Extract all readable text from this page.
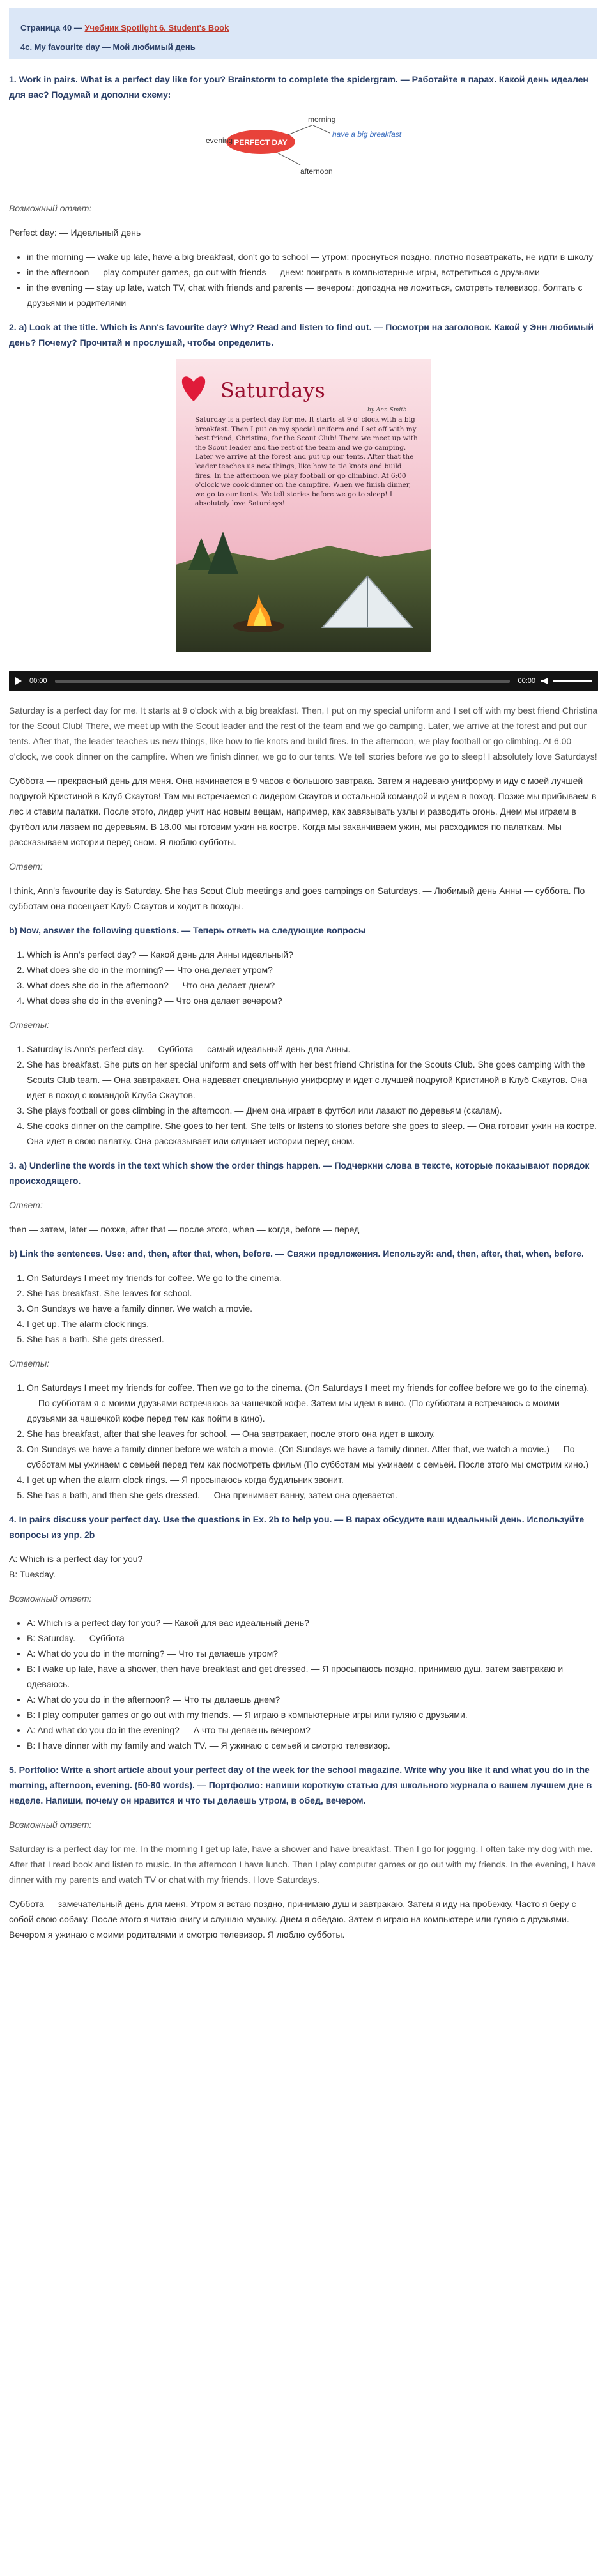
Страница 40 — Учебник Spotlight 6. Student's Book
4c. My favourite day — Мой любимый день

1. Work in pairs. What is a perfect day like for you? Brainstorm to complete the spidergram. — Работайте в парах. Какой день идеален для вас? Подумай и дополни схему:

PERFECT DAY
evening
morning
afternoon
have a big breakfast

Возможный ответ:

Perfect day: — Идеальный день

• in the morning — wake up late, have a big breakfast, don't go to school — утром: проснуться поздно, плотно позавтракать, не идти в школу
• in the afternoon — play computer games, go out with friends — днем: поиграть в компьютерные игры, встретиться с друзьями
• in the evening — stay up late, watch TV, chat with friends and parents — вечером: допоздна не ложиться, смотреть телевизор, болтать с друзьями и родителями

2. a) Look at the title. Which is Ann's favourite day? Why? Read and listen to find out. — Посмотри на заголовок. Какой у Энн любимый день? Почему? Прочитай и прослушай, чтобы определить.

Saturdays
by Ann Smith
Saturday is a perfect day for me. It starts at 9 o' clock with a big breakfast. Then I put on my special uniform and I set off with my best friend, Christina, for the Scout Club! There we meet up with the Scout leader and the rest of the team and we go camping. Later we arrive at the forest and put up our tents. After that the leader teaches us new things, like how to tie knots and build fires. In the afternoon we play football or go climbing. At 6:00 o'clock we cook dinner on the campfire. When we finish dinner, we go to our tents. We tell stories before we go to sleep! I absolutely love Saturdays!
00:00	00:00

Saturday is a perfect day for me. It starts at 9 o'clock with a big breakfast. Then, I put on my special uniform and I set off with my best friend Christina for the Scout Club! There, we meet up with the Scout leader and the rest of the team and we go camping. Later, we arrive at the forest and put our tents. After that, the leader teaches us new things, like how to tie knots and build fires. In the afternoon, we play football or go climbing. At 6.00 o'clock, we cook dinner on the campfire. When we finish dinner, we go to our tents. We tell stories before we go to sleep! I absolutely love Saturdays!

Суббота — прекрасный день для меня. Она начинается в 9 часов с большого завтрака. Затем я надеваю униформу и иду с моей лучшей подругой Кристиной в Клуб Скаутов! Там мы встречаемся с лидером Скаутов и остальной командой и идем в поход. Позже мы прибываем в лес и ставим палатки. После этого, лидер учит нас новым вещам, например, как завязывать узлы и разводить огонь. Днем мы играем в футбол или лазаем по деревьям. В 18.00 мы готовим ужин на костре. Когда мы заканчиваем ужин, мы расходимся по палаткам. Мы рассказываем истории перед сном. Я люблю субботы.

Ответ:

I think, Ann's favourite day is Saturday. She has Scout Club meetings and goes campings on Saturdays. — Любимый день Анны — суббота. По субботам она посещает Клуб Скаутов и ходит в походы.

b) Now, answer the following questions. — Теперь ответь на следующие вопросы

1. Which is Ann's perfect day? — Какой день для Анны идеальный?
2. What does she do in the morning? — Что она делает утром?
3. What does she do in the afternoon? — Что она делает днем?
4. What does she do in the evening? — Что она делает вечером?

Ответы:

1. Saturday is Ann's perfect day. — Суббота — самый идеальный день для Анны.
2. She has breakfast. She puts on her special uniform and sets off with her best friend Christina for the Scouts Club. She goes camping with the Scouts Club team. — Она завтракает. Она надевает специальную униформу и идет с лучшей подругой Кристиной в Клуб Скаутов. Она идет в поход с командой Клуба Скаутов.
3. She plays football or goes climbing in the afternoon. — Днем она играет в футбол или лазают по деревьям (скалам).
4. She cooks dinner on the campfire. She goes to her tent. She tells or listens to stories before she goes to sleep. — Она готовит ужин на костре. Она идет в свою палатку. Она рассказывает или слушает истории перед сном.

3. a) Underline the words in the text which show the order things happen. — Подчеркни слова в тексте, которые показывают порядок происходящего.

Ответ:

then — затем, later — позже, after that — после этого, when — когда, before — перед

b) Link the sentences. Use: and, then, after that, when, before. — Свяжи предложения. Используй: and, then, after, that, when, before.

1. On Saturdays I meet my friends for coffee. We go to the cinema.
2. She has breakfast. She leaves for school.
3. On Sundays we have a family dinner. We watch a movie.
4. I get up. The alarm clock rings.
5. She has a bath. She gets dressed.

Ответы:

1. On Saturdays I meet my friends for coffee. Then we go to the cinema. (On Saturdays I meet my friends for coffee before we go to the cinema). — По субботам я с моими друзьями встречаюсь за чашечкой кофе. Затем мы идем в кино. (По субботам я встречаюсь с моими друзьями за чашечкой кофе перед тем как пойти в кино).
2. She has breakfast, after that she leaves for school. — Она завтракает, после этого она идет в школу.
3. On Sundays we have a family dinner before we watch a movie. (On Sundays we have a family dinner. After that, we watch a movie.) — По субботам мы ужинаем с семьей перед тем как посмотреть фильм (По субботам мы ужинаем с семьей. После этого мы смотрим кино.)
4. I get up when the alarm clock rings. — Я просыпаюсь когда будильник звонит.
5. She has a bath, and then she gets dressed. — Она принимает ванну, затем она одевается.

4. In pairs discuss your perfect day. Use the questions in Ex. 2b to help you. — В парах обсудите ваш идеальный день. Используйте вопросы из упр. 2b

A: Which is a perfect day for you?

B: Tuesday.

Возможный ответ:

• A: Which is a perfect day for you? — Какой для вас идеальный день?
• B: Saturday. — Суббота
• A: What do you do in the morning? — Что ты делаешь утром?
• B: I wake up late, have a shower, then have breakfast and get dressed. — Я просыпаюсь поздно, принимаю душ, затем завтракаю и одеваюсь.
• A: What do you do in the afternoon? — Что ты делаешь днем?
• B: I play computer games or go out with my friends. — Я играю в компьютерные игры или гуляю с друзьями.
• A: And what do you do in the evening? — А что ты делаешь вечером?
• B: I have dinner with my family and watch TV. — Я ужинаю с семьей и смотрю телевизор.

5. Portfolio: Write a short article about your perfect day of the week for the school magazine. Write why you like it and what you do in the morning, afternoon, evening. (50-80 words). — Портфолио: напиши короткую статью для школьного журнала о вашем лучшем дне в неделе. Напиши, почему он нравится и что ты делаешь утром, в обед, вечером.

Возможный ответ:

Saturday is a perfect day for me. In the morning I get up late, have a shower and have breakfast. Then I go for jogging. I often take my dog with me. After that I read book and listen to music. In the afternoon I have lunch. Then I play computer games or go out with my friends. In the evening, I have dinner with my parents and watch TV or chat with my friends. I love Saturdays.

Суббота — замечательный день для меня. Утром я встаю поздно, принимаю душ и завтракаю. Затем я иду на пробежку. Часто я беру с собой свою собаку. После этого я читаю книгу и слушаю музыку. Днем я обедаю. Затем я играю на компьютере или гуляю с друзьями. Вечером я ужинаю с моими родителями и смотрю телевизор. Я люблю субботы.
